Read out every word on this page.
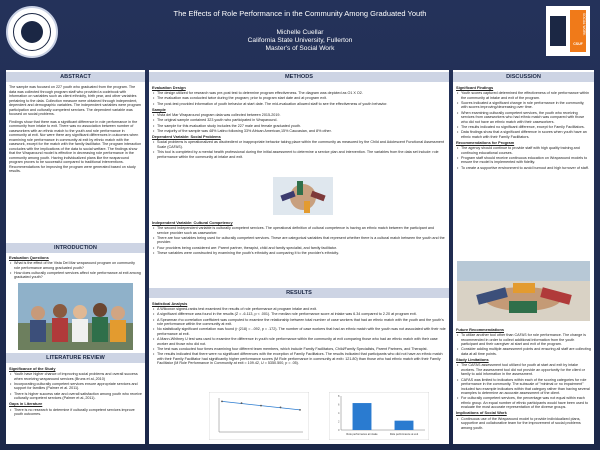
The Effects of Role Performance in the Community Among Graduated Youth
Michelle Cuellar
California State University, Fullerton
Master's of Social Work
SOCIAL WORK
CSUF
ABSTRACT
The sample was focused on 227 youth who graduated from the program. The data was collected through program staff who provided a codebook with information on variables such as client ethnicity, birth year, and other variables pertaining to the data. Collection measure were obtained through independent, dependent and demographic variables. The independent variables were program participation and culturally competent services. The dependent variable was focused on social problems.
Findings show that there was a significant difference in role performance in the community from intake to exit. There was no association between number of caseworkers with an ethnic match to the youth and role performance in community at exit. Nor were there any significant differences in outcomes when examining role performance in community at exit by ethnic match with the casework, except for the match with the family facilitator. The program interaction concludes with the implications of the data to social welfare. The findings show that the Wraparound model is effective in decreasing role performance in the community among youth. Having individualized plans like the wraparound program proves to be successful compared to traditional interventions. Recommendations for improving the program were generated based on study results.
INTRODUCTION
Evaluation Questions
• What is the effect of the Vista Del Mar wraparound program on community role performance among graduated youth?
• How does culturally competent services affect role performance at exit among graduated youth?
LITERATURE REVIEW
Significance of the Study
• Youth have higher chance of improving social problems and overall success when receiving wraparound services (Bruns et al.,2010)
• Incorporating culturally competent services ensure appropriate services and support for families (Palmer et al. 2011).
• There is higher success rate and overall satisfaction among youth who receive culturally competent services (Palmer et al.,2011).
Gaps in Literature
• There is no research to determine if culturally competent services improve youth outcomes.
METHODS
Evaluation Design
• The design utilized for research was pre-post test to determine program effectiveness. The diagram was depicted as O1 X O2.
• The evaluation was conducted twice during the program; prior to program start date and at program exit.
• The post-test provided information of youth behavior at start date. The mid-evaluation allowed staff to see the effectiveness of youth behavior.
Sample
• Vista del Mar Wraparound program data was collected between 2015-2019.
• The original sample contained 323 youth who participated in Wraparound.
• The sample for this evaluation study includes the 227 male and female graduated youth.
• The majority of the sample was 48% Latino following 33% African American,15% Caucasian, and 8% other.
Dependent Variable: Social Problems
• Social problems is operationalized as disobedient or inappropriate behavior taking place within the community as measured by the Child and Adolescent Functional Assessment Scale (CAFAS).
• This tool is completed by a mental health professional during the initial assessment to determine a service plan and intervention. The variables from the data set include: role performance within the community at intake and exit.
Independent Variable: Cultural Competency
• The second independent variable is culturally competent services. The operational definition of cultural competence is having an ethnic match between the participant and service provider such as caseworker.
• There are four variables being used for culturally competent services. These are categorical variables that represent whether there is a cultural match between the youth and the provider.
• Four providers being considered are: Parent partner, therapist, child and family specialist, and family facilitator.
• These variables were constructed by examining the youth's ethnicity and comparing it to the provider's ethnicity.
RESULTS
Statistical Analysis
• A Wilcoxon signed-ranks test examined the results of role performance at program intake and exit.
• A significant difference was found in the results (Z = -6.113, p < .001). The median role performance score at intake was 6.34 compared to 2.20 at program exit.
• A Spearman rho correlation coefficient was computed to examine the relationship between total number of case workers that had an ethnic match with the youth and the youth's role performance within the community at exit.
• No statistically significant correlation was found (r (218) = -.092, p = .172). The number of case workers that had an ethnic match with the youth was not associated with their role performance at exit.
• A Mann-Whitney U test was used to examine the difference in youth role performance within the community at exit comparing those who had an ethnic match with their case worker and those who did not.
• The test was conducted four times examining four different team members, which include Family Facilitators, Child/Family Specialists, Parent Partners, and Therapist.
• The results indicated that there were no significant differences with the exception of Family Facilitators. The results indicated that participants who did not have an ethnic match with their Family Facilitator had significantly higher performance scores (M Role performance in community at exit= 121.80) than those who had ethnic match with their Family Facilitator (M Role Performance in Community at exit = 109.42, U = 5350.500, p = .05).
Role performance at intake	Role performance at exit
0
2
4
6
8
DISCUSSION
Significant Findings
• Youth scores captured determined the effectiveness of role performance within the community at intake and exit of the program.
• Scores indicated a significant change in role performance in the community, with scores improving/decreasing over time.
• When examining culturally competent services, the youth who receiving services from caseworkers who had ethnic match was compared with those who did not have an ethnic match with their caseworkers.
• The results indicated no significant difference, except for Family Facilitators.
• Data findings show that a significant difference in scores when youth have an ethnic match with their Family Facilitators.
Recommendations for Program
• The agency should continue to provide staff with high quality training and continuing educational courses.
• Program staff should receive continuous education on Wraparound models to ensure the model is implemented with fidelity.
• To create a supportive environment to avoid burnout and high turnover of staff.
Future Recommendations
• To utilize another tool other than CAFAS for role performance. The change is recommended in order to collect additional information from the youth participant and their caregiver at start and exit of the program.
• Consider adding multiple assessment points and ensuring all staff are collecting data at all time points.
Study Limitations
• The CAFAS assessment tool utilized for youth at start and exit by intake workers. The assessment tool did not provide an opportunity for the client or family to add information in the assessment.
• CAFAS was limited to indicators within each of the scoring categories for role performance in the community. The subscale of "minimal or no impairment" included two example indicators within that category rather than having several examples to determine an accurate assessment of the client.
• For culturally competent services, the percentage was not equal within each ethnic group. An equal number of ethnic participants would have been used to evaluate the most accurate representation of the diverse groups.
Implications of Social Work
• Continuous use of the Wraparound model to provide individualized plans, supportive and collaborative team for the improvement of social problems among youth.
